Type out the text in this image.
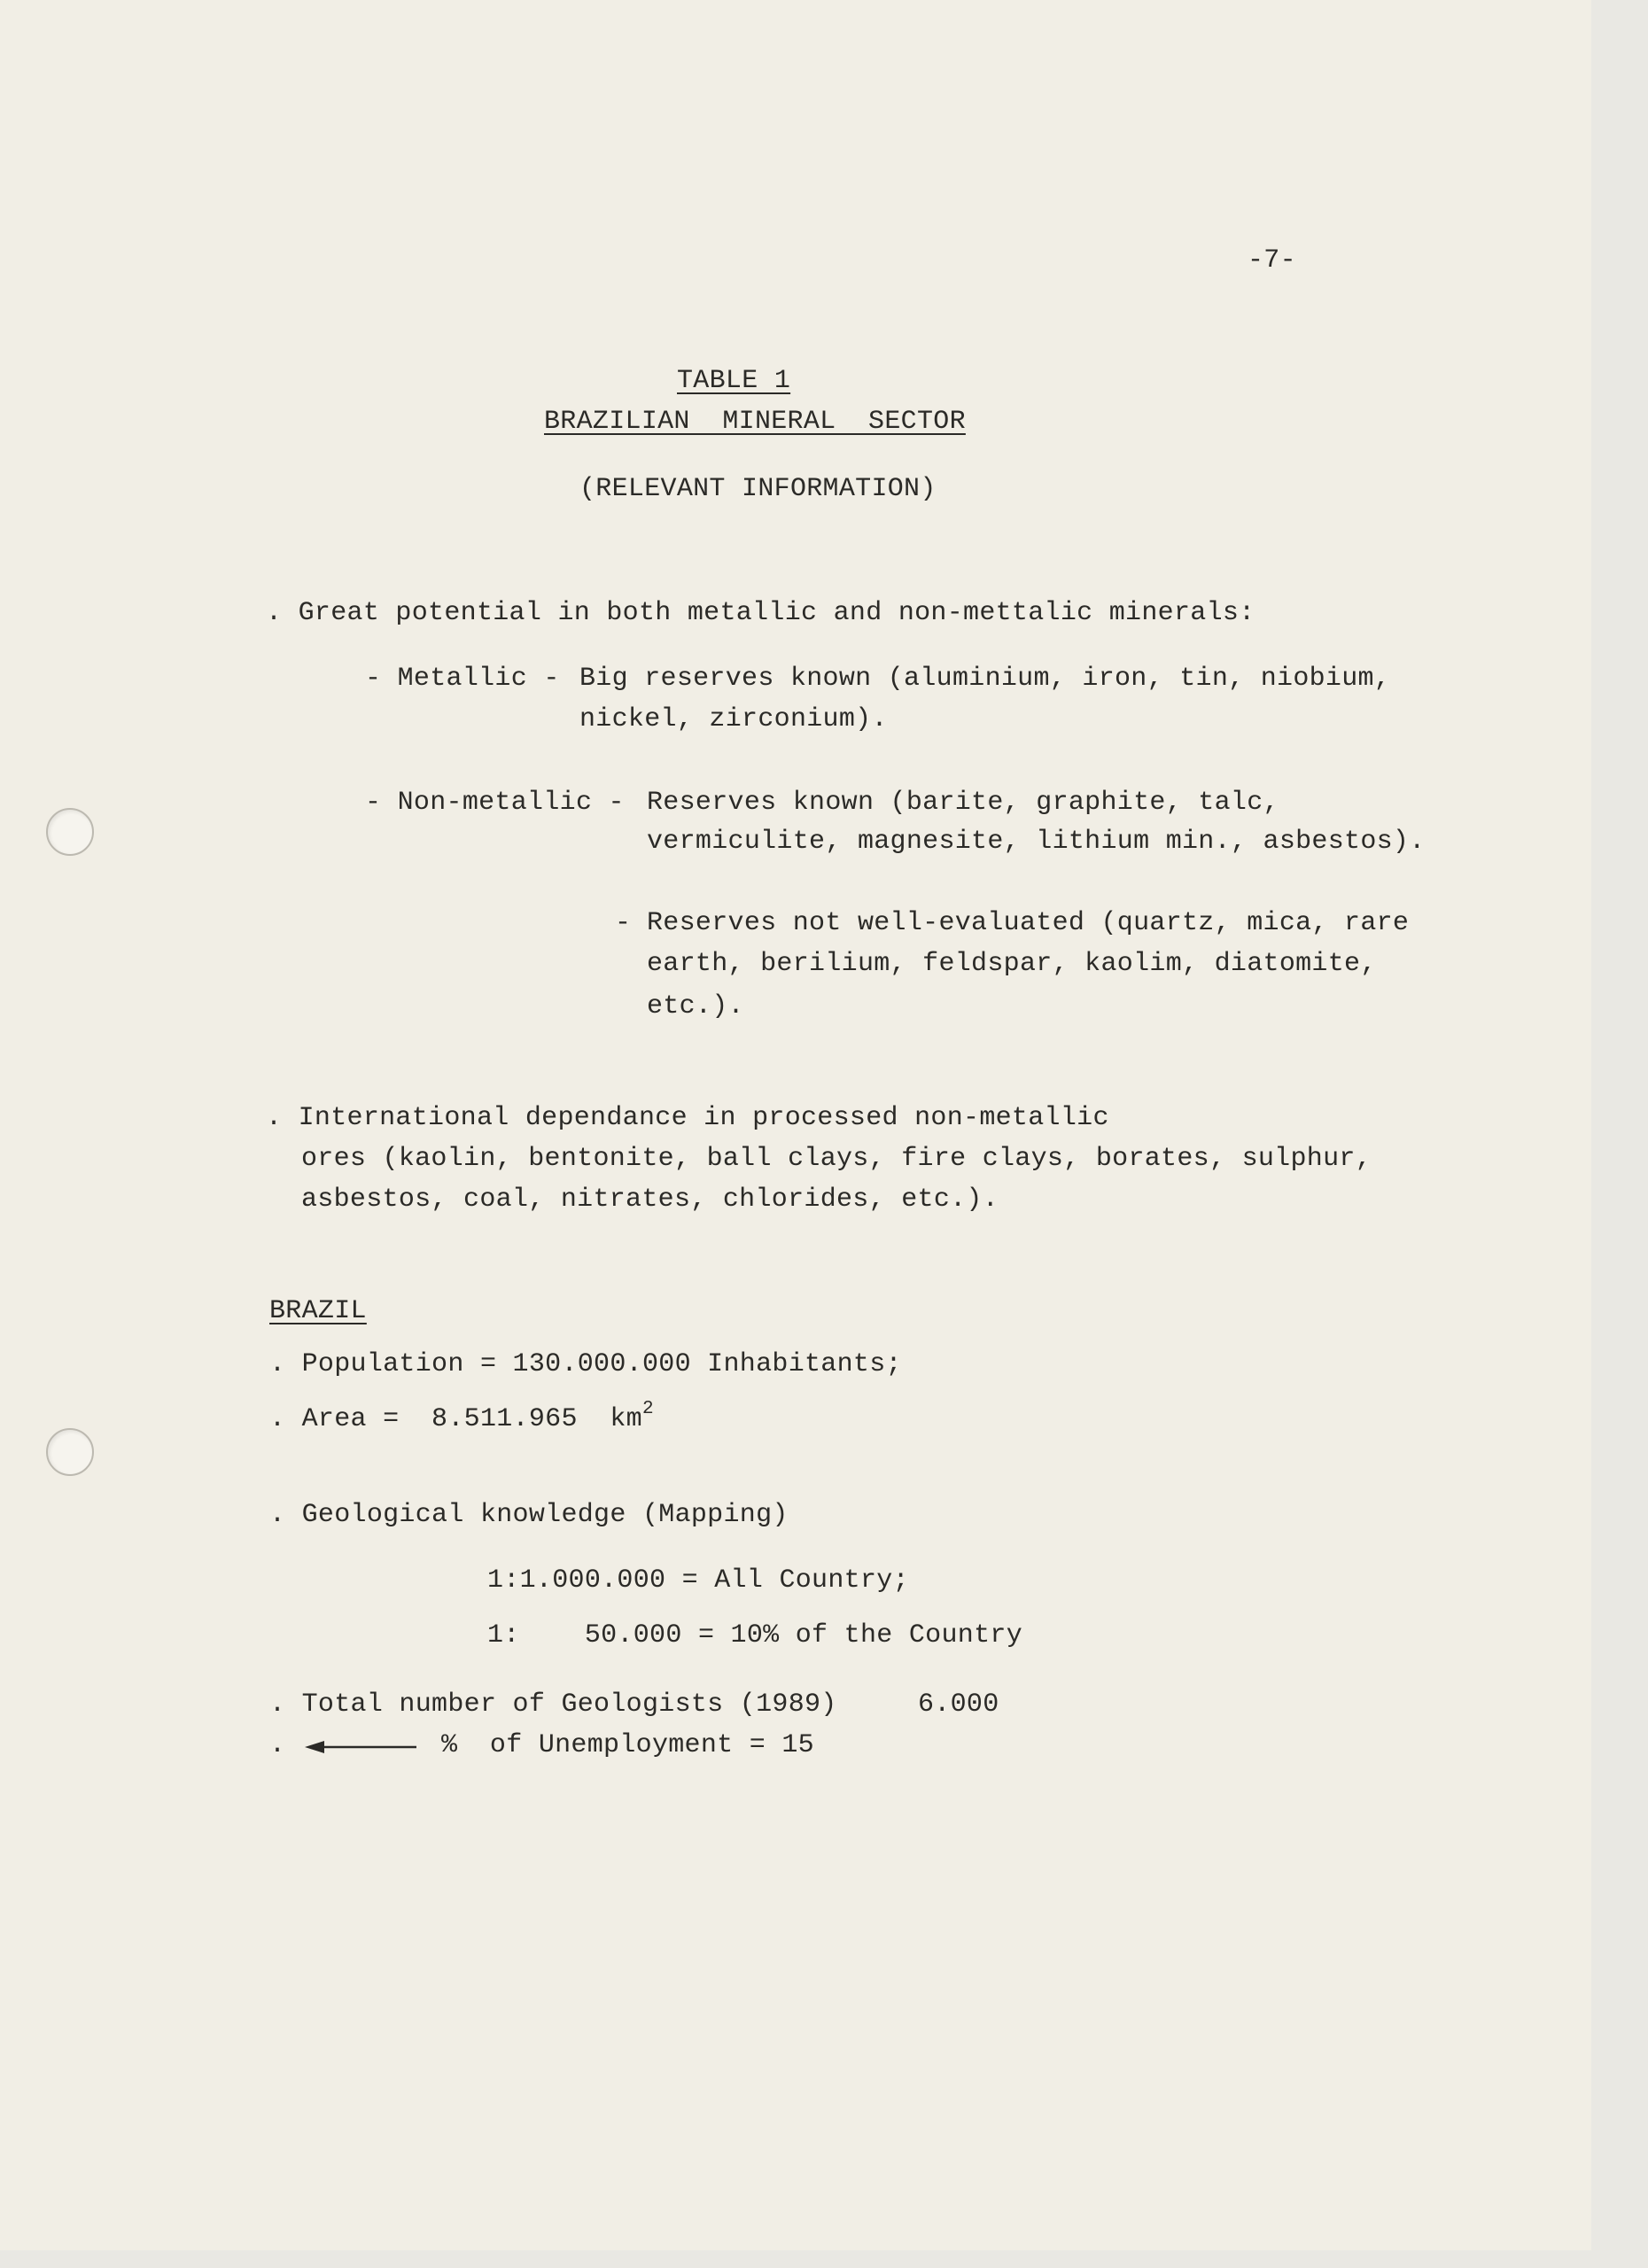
-7-
TABLE 1
BRAZILIAN  MINERAL  SECTOR
(RELEVANT INFORMATION)
. Great potential in both metallic and non-mettalic minerals:
- Metallic - Big reserves known (aluminium, iron, tin, niobium,
nickel, zirconium).
- Non-metallic - Reserves known (barite, graphite, talc,
vermiculite, magnesite, lithium min., asbestos).
- Reserves not well-evaluated (quartz, mica, rare
earth, berilium, feldspar, kaolim, diatomite,
etc.).
. International dependance in processed non-metallic
ores (kaolin, bentonite, ball clays, fire clays, borates, sulphur,
asbestos, coal, nitrates, chlorides, etc.).
BRAZIL
. Population = 130.000.000 Inhabitants;
. Area =  8.511.965  $km^2$
. Geological knowledge (Mapping)
1:1.000.000 = All Country;
1:    50.000 = 10% of the Country
. Total number of Geologists (1989)	6.000
.	%  of Unemployment = 15
